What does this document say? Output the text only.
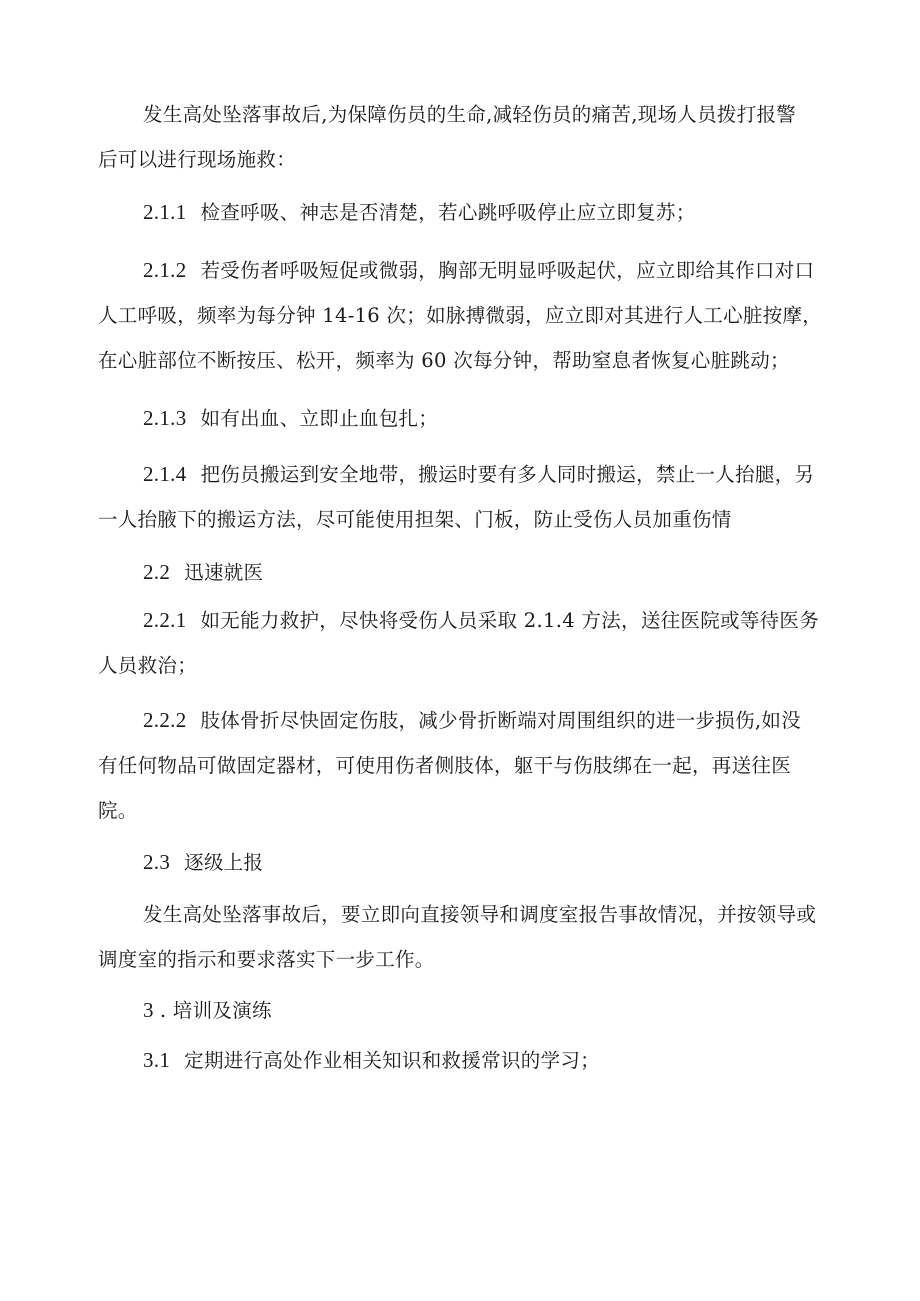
发生高处坠落事故后,为保障伤员的生命,减轻伤员的痛苦,现场人员拨打报警
后可以进行现场施救：

2.1.1 检查呼吸、神志是否清楚，若心跳呼吸停止应立即复苏；

2.1.2 若受伤者呼吸短促或微弱，胸部无明显呼吸起伏，应立即给其作口对口
人工呼吸，频率为每分钟 14-16 次；如脉搏微弱，应立即对其进行人工心脏按摩，
在心脏部位不断按压、松开，频率为 60 次每分钟，帮助窒息者恢复心脏跳动；

2.1.3 如有出血、立即止血包扎；

2.1.4 把伤员搬运到安全地带，搬运时要有多人同时搬运，禁止一人抬腿，另
一人抬腋下的搬运方法，尽可能使用担架、门板，防止受伤人员加重伤情

2.2 迅速就医

2.2.1 如无能力救护，尽快将受伤人员采取 2.1.4 方法，送往医院或等待医务
人员救治；

2.2.2 肢体骨折尽快固定伤肢，减少骨折断端对周围组织的进一步损伤,如没
有任何物品可做固定器材，可使用伤者侧肢体，躯干与伤肢绑在一起，再送往医
院。

2.3 逐级上报

发生高处坠落事故后，要立即向直接领导和调度室报告事故情况，并按领导或
调度室的指示和要求落实下一步工作。

3 . 培训及演练

3.1 定期进行高处作业相关知识和救援常识的学习；
